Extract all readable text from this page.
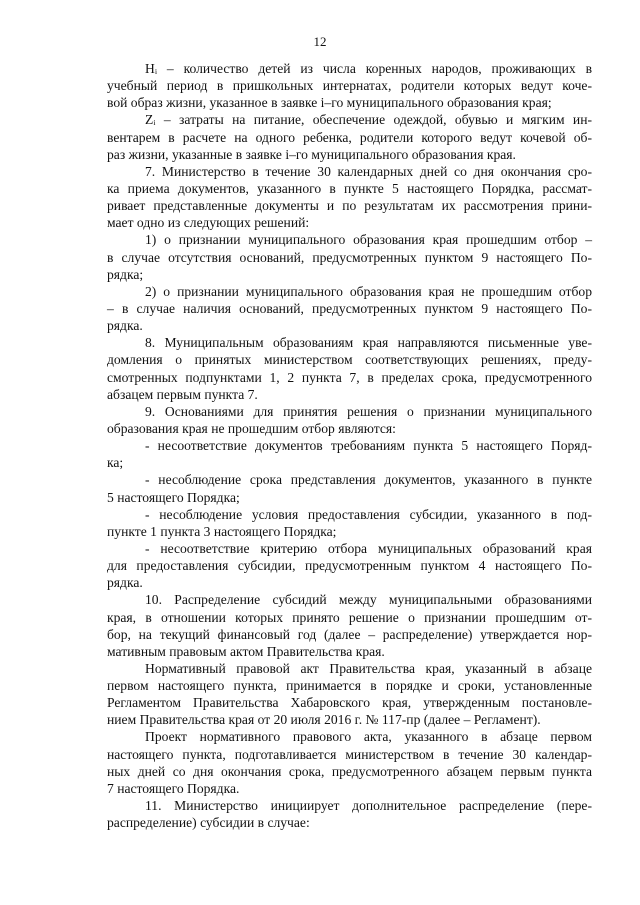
12
Hᵢ – количество детей из числа коренных народов, проживающих в
учебный период в пришкольных интернатах, родители которых ведут коче-
вой образ жизни, указанное в заявке i–го муниципального образования края;
Zᵢ – затраты на питание, обеспечение одеждой, обувью и мягким ин-
вентарем в расчете на одного ребенка, родители которого ведут кочевой об-
раз жизни, указанные в заявке i–го муниципального образования края.
7. Министерство в течение 30 календарных дней со дня окончания сро-
ка приема документов, указанного в пункте 5 настоящего Порядка, рассмат-
ривает представленные документы и по результатам их рассмотрения прини-
мает одно из следующих решений:
1) о признании муниципального образования края прошедшим отбор –
в случае отсутствия оснований, предусмотренных пунктом 9 настоящего По-
рядка;
2) о признании муниципального образования края не прошедшим отбор
– в случае наличия оснований, предусмотренных пунктом 9 настоящего По-
рядка.
8. Муниципальным образованиям края направляются письменные уве-
домления о принятых министерством соответствующих решениях, преду-
смотренных подпунктами 1, 2 пункта 7, в пределах срока, предусмотренного
абзацем первым пункта 7.
9. Основаниями для принятия решения о признании муниципального
образования края не прошедшим отбор являются:
- несоответствие документов требованиям пункта 5 настоящего Поряд-
ка;
- несоблюдение срока представления документов, указанного в пункте
5 настоящего Порядка;
- несоблюдение условия предоставления субсидии, указанного в под-
пункте 1 пункта 3 настоящего Порядка;
- несоответствие критерию отбора муниципальных образований края
для предоставления субсидии, предусмотренным пунктом 4 настоящего По-
рядка.
10. Распределение субсидий между муниципальными образованиями
края, в отношении которых принято решение о признании прошедшим от-
бор, на текущий финансовый год (далее – распределение) утверждается нор-
мативным правовым актом Правительства края.
Нормативный правовой акт Правительства края, указанный в абзаце
первом настоящего пункта, принимается в порядке и сроки, установленные
Регламентом Правительства Хабаровского края, утвержденным постановле-
нием Правительства края от 20 июля 2016 г. № 117-пр (далее – Регламент).
Проект нормативного правового акта, указанного в абзаце первом
настоящего пункта, подготавливается министерством в течение 30 календар-
ных дней со дня окончания срока, предусмотренного абзацем первым пункта
7 настоящего Порядка.
11. Министерство инициирует дополнительное распределение (пере-
распределение) субсидии в случае:
